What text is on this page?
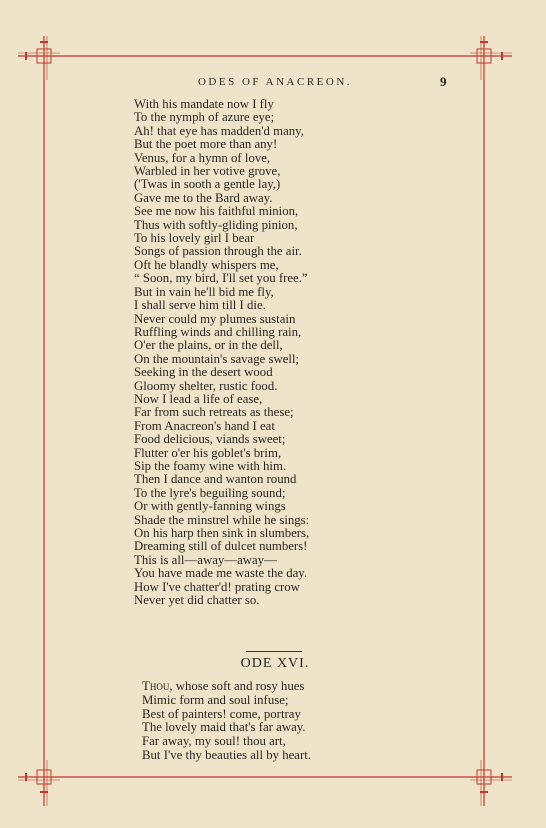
ODES OF ANACREON.	9
With his mandate now I fly
To the nymph of azure eye;
Ah! that eye has madden'd many,
But the poet more than any!
Venus, for a hymn of love,
Warbled in her votive grove,
('Twas in sooth a gentle lay,)
Gave me to the Bard away.
See me now his faithful minion,
Thus with softly-gliding pinion,
To his lovely girl I bear
Songs of passion through the air.
Oft he blandly whispers me,
“ Soon, my bird, I'll set you free.”
But in vain he'll bid me fly,
I shall serve him till I die.
Never could my plumes sustain
Ruffling winds and chilling rain,
O'er the plains, or in the dell,
On the mountain's savage swell;
Seeking in the desert wood
Gloomy shelter, rustic food.
Now I lead a life of ease,
Far from such retreats as these;
From Anacreon's hand I eat
Food delicious, viands sweet;
Flutter o'er his goblet's brim,
Sip the foamy wine with him.
Then I dance and wanton round
To the lyre's beguiling sound;
Or with gently-fanning wings
Shade the minstrel while he sings:
On his harp then sink in slumbers,
Dreaming still of dulcet numbers!
This is all—away—away—
You have made me waste the day.
How I've chatter'd! prating crow
Never yet did chatter so.
ODE XVI.
Thou, whose soft and rosy hues
Mimic form and soul infuse;
Best of painters! come, portray
The lovely maid that's far away.
Far away, my soul! thou art,
But I've thy beauties all by heart.
